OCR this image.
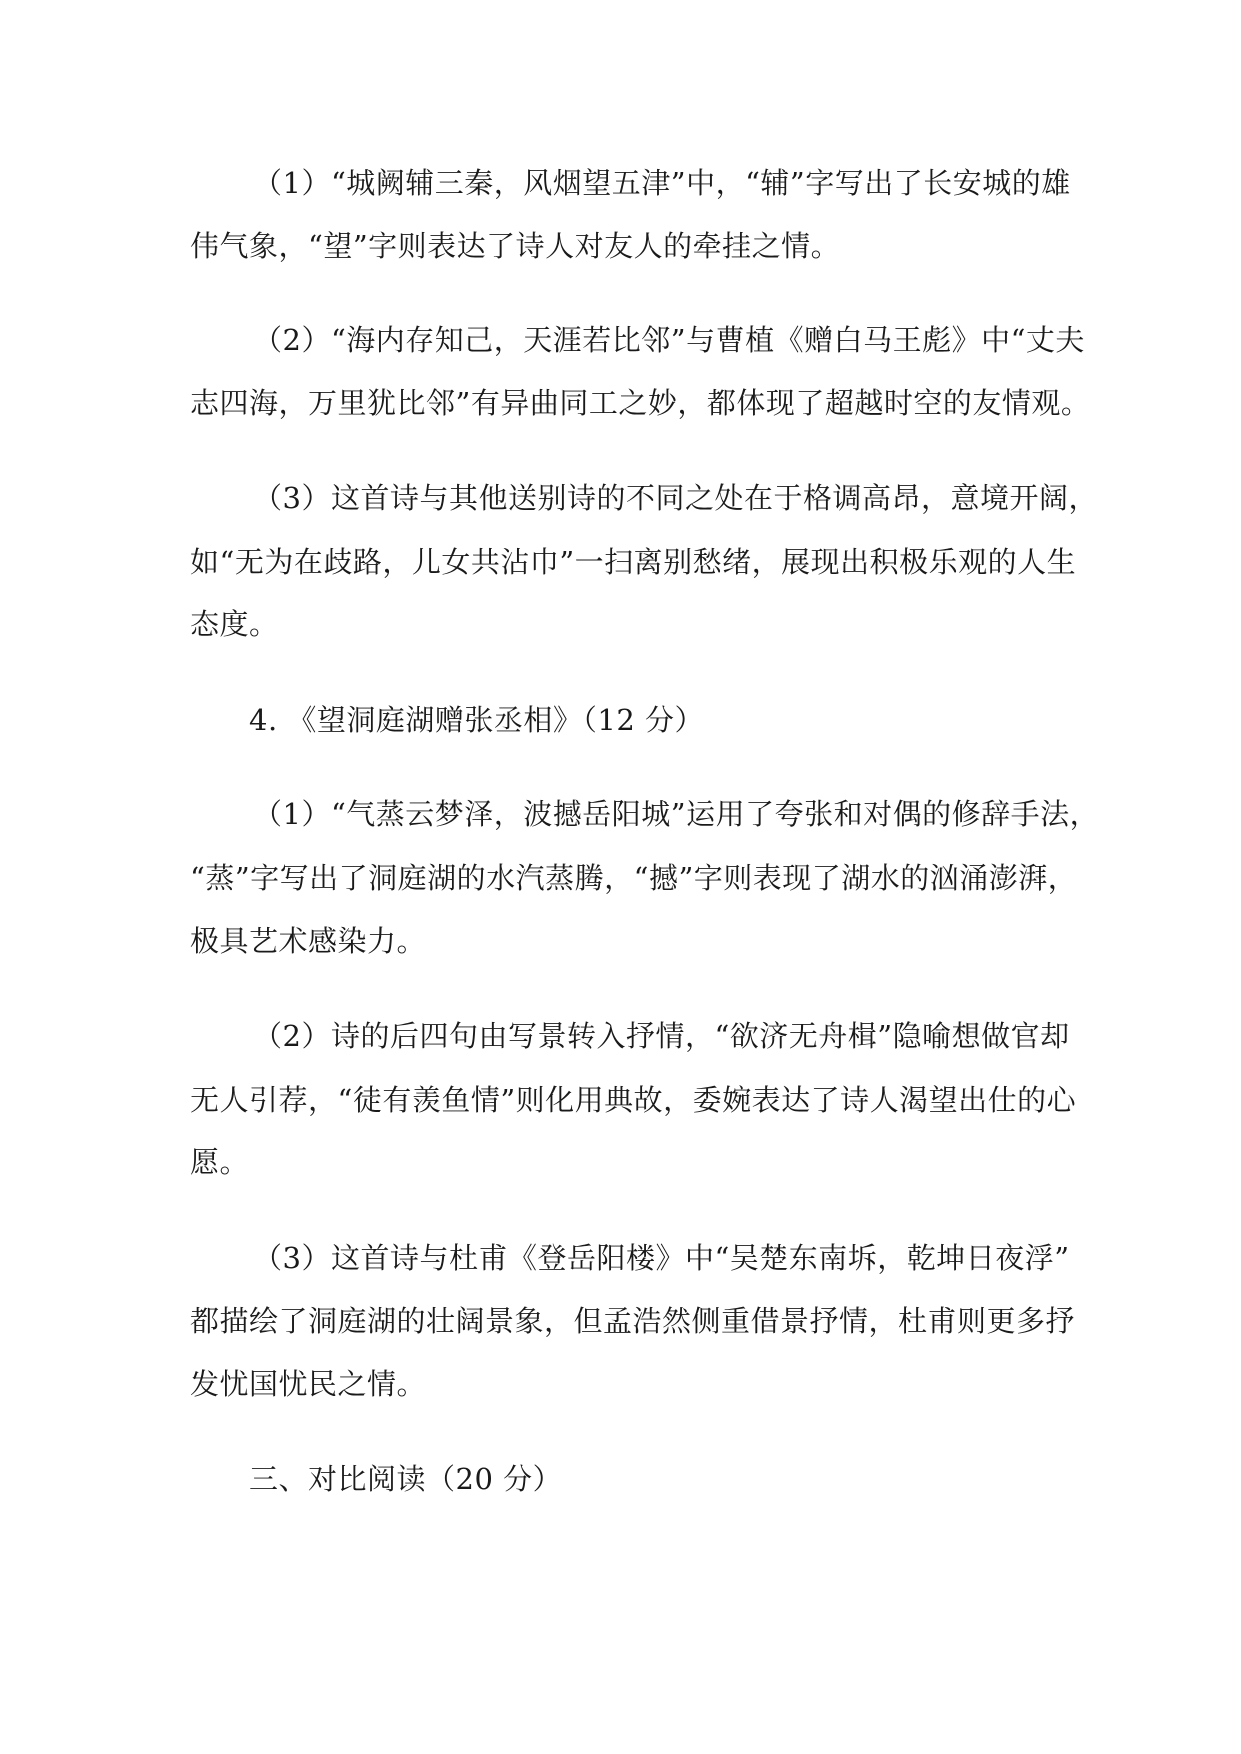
（1）“城阙辅三秦，风烟望五津”中，“辅”字写出了长安城的雄
伟气象，“望”字则表达了诗人对友人的牵挂之情。
（2）“海内存知己，天涯若比邻”与曹植《赠白马王彪》中“丈夫
志四海，万里犹比邻”有异曲同工之妙，都体现了超越时空的友情观。
（3）这首诗与其他送别诗的不同之处在于格调高昂，意境开阔，
如“无为在歧路，儿女共沾巾”一扫离别愁绪，展现出积极乐观的人生
态度。
4. 《望洞庭湖赠张丞相》（12 分）
（1）“气蒸云梦泽，波撼岳阳城”运用了夸张和对偶的修辞手法，
“蒸”字写出了洞庭湖的水汽蒸腾，“撼”字则表现了湖水的汹涌澎湃，
极具艺术感染力。
（2）诗的后四句由写景转入抒情，“欲济无舟楫”隐喻想做官却
无人引荐，“徒有羡鱼情”则化用典故，委婉表达了诗人渴望出仕的心
愿。
（3）这首诗与杜甫《登岳阳楼》中“吴楚东南坼，乾坤日夜浮”
都描绘了洞庭湖的壮阔景象，但孟浩然侧重借景抒情，杜甫则更多抒
发忧国忧民之情。
三、对比阅读（20 分）
